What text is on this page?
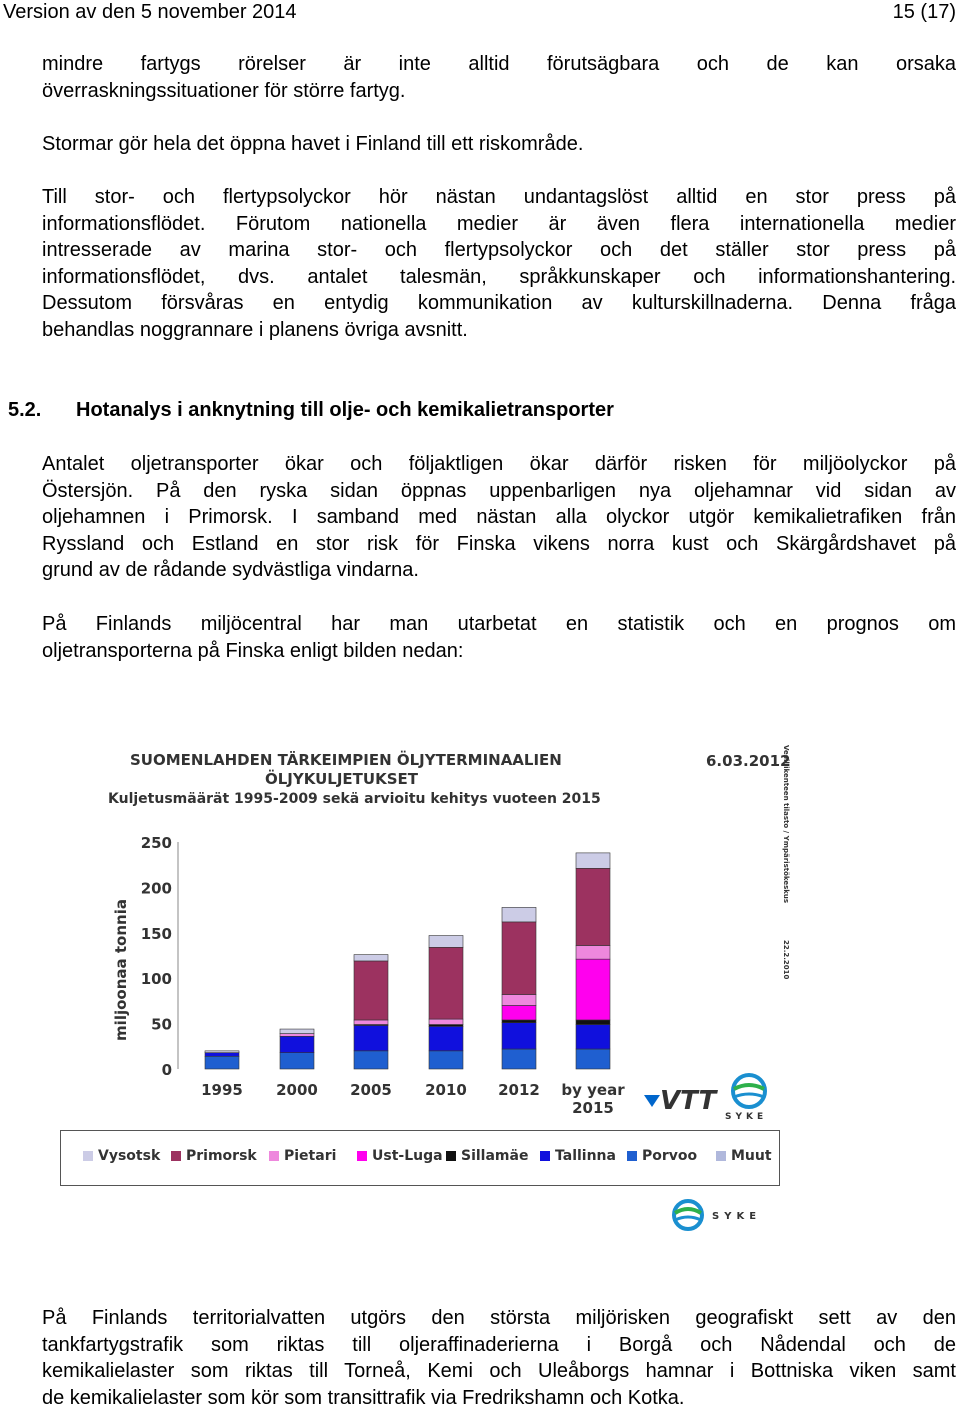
Version av den 5 november 2014	15 (17)
mindre fartygs rörelser är inte alltid förutsägbara och de kan orsaka
överraskningssituationer för större fartyg.
Stormar gör hela det öppna havet i Finland till ett riskområde.
Till stor- och flertypsolyckor hör nästan undantagslöst alltid en stor press på
informationsflödet. Förutom nationella medier är även flera internationella medier
intresserade av marina stor- och flertypsolyckor och det ställer stor press på
informationsflödet, dvs. antalet talesmän, språkkunskaper och informationshantering.
Dessutom försvåras en entydig kommunikation av kulturskillnaderna. Denna fråga
behandlas noggrannare i planens övriga avsnitt.
5.2. Hotanalys i anknytning till olje- och kemikalietransporter
Antalet oljetransporter ökar och följaktligen ökar därför risken för miljöolyckor på
Östersjön. På den ryska sidan öppnas uppenbarligen nya oljehamnar vid sidan av
oljehamnen i Primorsk. I samband med nästan alla olyckor utgör kemikalietrafiken från
Ryssland och Estland en stor risk för Finska vikens norra kust och Skärgårdshavet på
grund av de rådande sydvästliga vindarna.
På Finlands miljöcentral har man utarbetat en statistik och en prognos om
oljetransporterna på Finska enligt bilden nedan:
SUOMENLAHDEN TÄRKEIMPIEN ÖLJYTERMINAALIEN
ÖLJYKULJETUKSET
Kuljetusmäärät 1995-2009 sekä arvioitu kehitys vuoteen 2015
6.03.2012
miljoonaa tonnia
0
50
100
150
200
250
1995 2000 2005 2010 2012 by year
2015
Vesiliikenteen tilasto / Ympäristökeskus
22.2.2010
VTT
SYKE
Vysotsk	Primorsk	Pietari	Ust-Luga	Sillamäe	Tallinna	Porvoo	Muut
SYKE
På Finlands territorialvatten utgörs den största miljörisken geografiskt sett av den
tankfartygstrafik som riktas till oljeraffinaderierna i Borgå och Nådendal och de
kemikalielaster som riktas till Torneå, Kemi och Uleåborgs hamnar i Bottniska viken samt
de kemikalielaster som kör som transittrafik via Fredrikshamn och Kotka.
